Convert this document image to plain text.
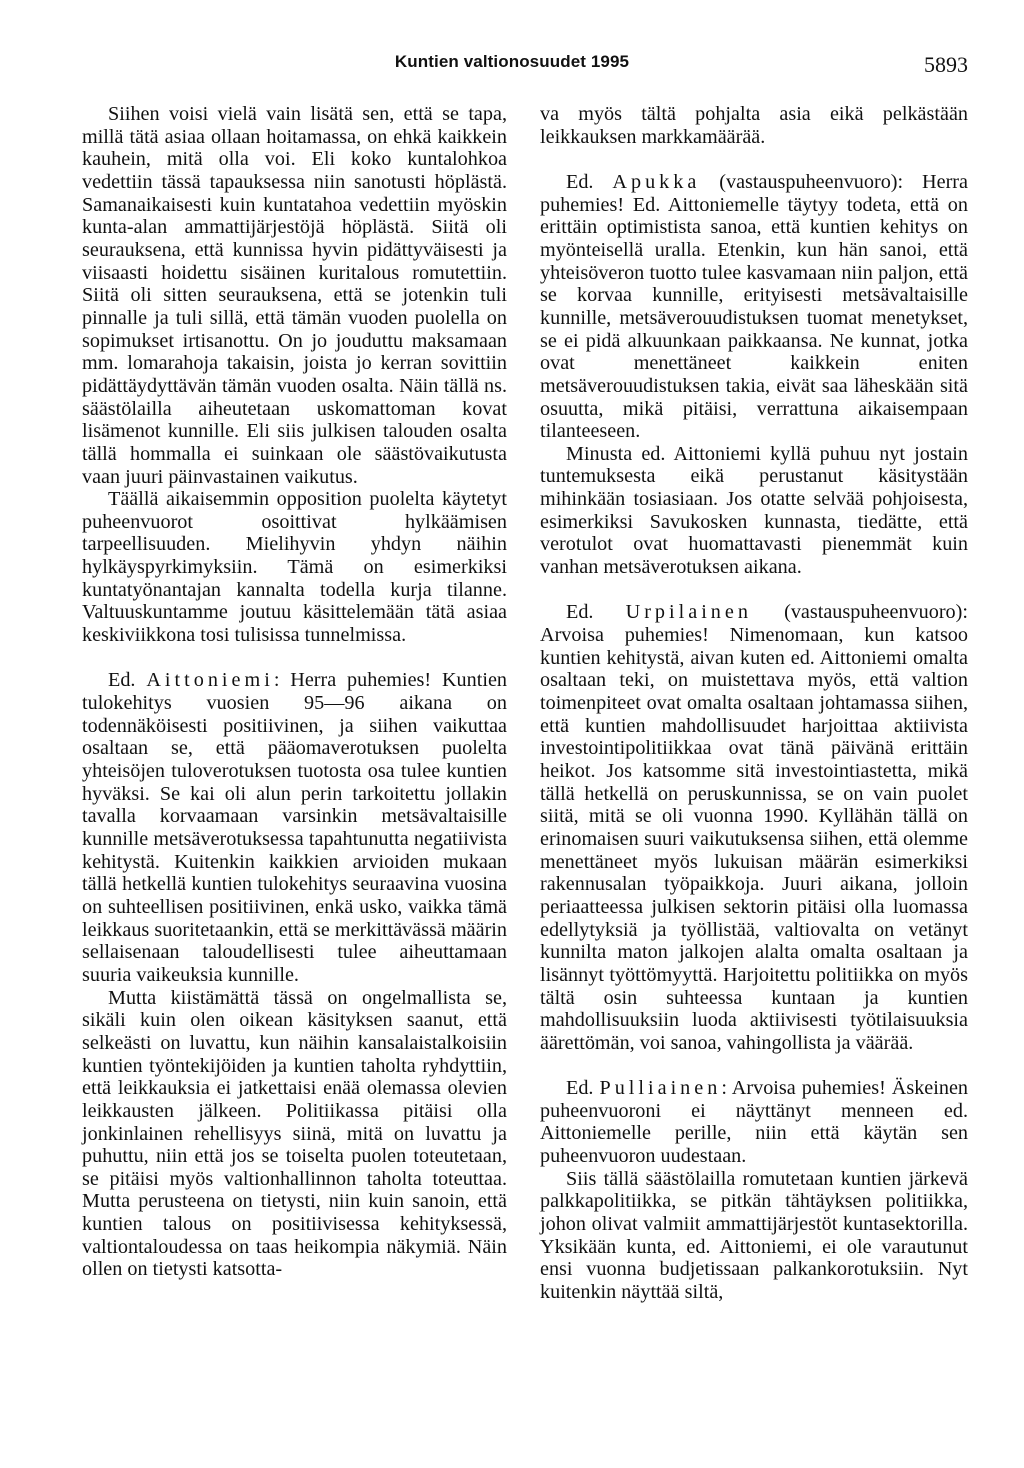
Kuntien valtionosuudet 1995	5893

Siihen voisi vielä vain lisätä sen, että se tapa, millä tätä asiaa ollaan hoitamassa, on ehkä kaikkein kauhein, mitä olla voi. Eli koko kuntalohkoa vedettiin tässä tapauksessa niin sanotusti höplästä. Samanaikaisesti kuin kuntatahoa vedettiin myöskin kunta-alan ammattijärjestöjä höplästä. Siitä oli seurauksena, että kunnissa hyvin pidättyväisesti ja viisaasti hoidettu sisäinen kuritalous romutettiin. Siitä oli sitten seurauksena, että se jotenkin tuli pinnalle ja tuli sillä, että tämän vuoden puolella on sopimukset irtisanottu. On jo jouduttu maksamaan mm. lomarahoja takaisin, joista jo kerran sovittiin pidättäydyttävän tämän vuoden osalta. Näin tällä ns. säästölailla aiheutetaan uskomattoman kovat lisämenot kunnille. Eli siis julkisen talouden osalta tällä hommalla ei suinkaan ole säästövaikutusta vaan juuri päinvastainen vaikutus.

Täällä aikaisemmin opposition puolelta käytetyt puheenvuorot osoittivat hylkäämisen tarpeellisuuden. Mielihyvin yhdyn näihin hylkäyspyrkimyksiin. Tämä on esimerkiksi kuntatyönantajan kannalta todella kurja tilanne. Valtuuskuntamme joutuu käsittelemään tätä asiaa keskiviikkona tosi tulisissa tunnelmissa.

Ed. Aittoniemi: Herra puhemies! Kuntien tulokehitys vuosien 95—96 aikana on todennäköisesti positiivinen, ja siihen vaikuttaa osaltaan se, että pääomaverotuksen puolelta yhteisöjen tuloverotuksen tuotosta osa tulee kuntien hyväksi. Se kai oli alun perin tarkoitettu jollakin tavalla korvaamaan varsinkin metsävaltaisille kunnille metsäverotuksessa tapahtunutta negatiivista kehitystä. Kuitenkin kaikkien arvioiden mukaan tällä hetkellä kuntien tulokehitys seuraavina vuosina on suhteellisen positiivinen, enkä usko, vaikka tämä leikkaus suoritetaankin, että se merkittävässä määrin sellaisenaan taloudellisesti tulee aiheuttamaan suuria vaikeuksia kunnille.

Mutta kiistämättä tässä on ongelmallista se, sikäli kuin olen oikean käsityksen saanut, että selkeästi on luvattu, kun näihin kansalaistalkoisiin kuntien työntekijöiden ja kuntien taholta ryhdyttiin, että leikkauksia ei jatkettaisi enää olemassa olevien leikkausten jälkeen. Politiikassa pitäisi olla jonkinlainen rehellisyys siinä, mitä on luvattu ja puhuttu, niin että jos se toiselta puolen toteutetaan, se pitäisi myös valtionhallinnon taholta toteuttaa. Mutta perusteena on tietysti, niin kuin sanoin, että kuntien talous on positiivisessa kehityksessä, valtiontaloudessa on taas heikompia näkymiä. Näin ollen on tietysti katsotta-

va myös tältä pohjalta asia eikä pelkästään leikkauksen markkamäärää.

Ed. Apukka (vastauspuheenvuoro): Herra puhemies! Ed. Aittoniemelle täytyy todeta, että on erittäin optimistista sanoa, että kuntien kehitys on myönteisellä uralla. Etenkin, kun hän sanoi, että yhteisöveron tuotto tulee kasvamaan niin paljon, että se korvaa kunnille, erityisesti metsävaltaisille kunnille, metsäverouudistuksen tuomat menetykset, se ei pidä alkuunkaan paikkaansa. Ne kunnat, jotka ovat menettäneet kaikkein eniten metsäverouudistuksen takia, eivät saa läheskään sitä osuutta, mikä pitäisi, verrattuna aikaisempaan tilanteeseen.

Minusta ed. Aittoniemi kyllä puhuu nyt jostain tuntemuksesta eikä perustanut käsitystään mihinkään tosiasiaan. Jos otatte selvää pohjoisesta, esimerkiksi Savukosken kunnasta, tiedätte, että verotulot ovat huomattavasti pienemmät kuin vanhan metsäverotuksen aikana.

Ed. Urpilainen (vastauspuheenvuoro): Arvoisa puhemies! Nimenomaan, kun katsoo kuntien kehitystä, aivan kuten ed. Aittoniemi omalta osaltaan teki, on muistettava myös, että valtion toimenpiteet ovat omalta osaltaan johtamassa siihen, että kuntien mahdollisuudet harjoittaa aktiivista investointipolitiikkaa ovat tänä päivänä erittäin heikot. Jos katsomme sitä investointiastetta, mikä tällä hetkellä on peruskunnissa, se on vain puolet siitä, mitä se oli vuonna 1990. Kyllähän tällä on erinomaisen suuri vaikutuksensa siihen, että olemme menettäneet myös lukuisan määrän esimerkiksi rakennusalan työpaikkoja. Juuri aikana, jolloin periaatteessa julkisen sektorin pitäisi olla luomassa edellytyksiä ja työllistää, valtiovalta on vetänyt kunnilta maton jalkojen alalta omalta osaltaan ja lisännyt työttömyyttä. Harjoitettu politiikka on myös tältä osin suhteessa kuntaan ja kuntien mahdollisuuksiin luoda aktiivisesti työtilaisuuksia äärettömän, voi sanoa, vahingollista ja väärää.

Ed. Pulliainen: Arvoisa puhemies! Äskeinen puheenvuoroni ei näyttänyt menneen ed. Aittoniemelle perille, niin että käytän sen puheenvuoron uudestaan.

Siis tällä säästölailla romutetaan kuntien järkevä palkkapolitiikka, se pitkän tähtäyksen politiikka, johon olivat valmiit ammattijärjestöt kuntasektorilla. Yksikään kunta, ed. Aittoniemi, ei ole varautunut ensi vuonna budjetissaan palkankorotuksiin. Nyt kuitenkin näyttää siltä,
